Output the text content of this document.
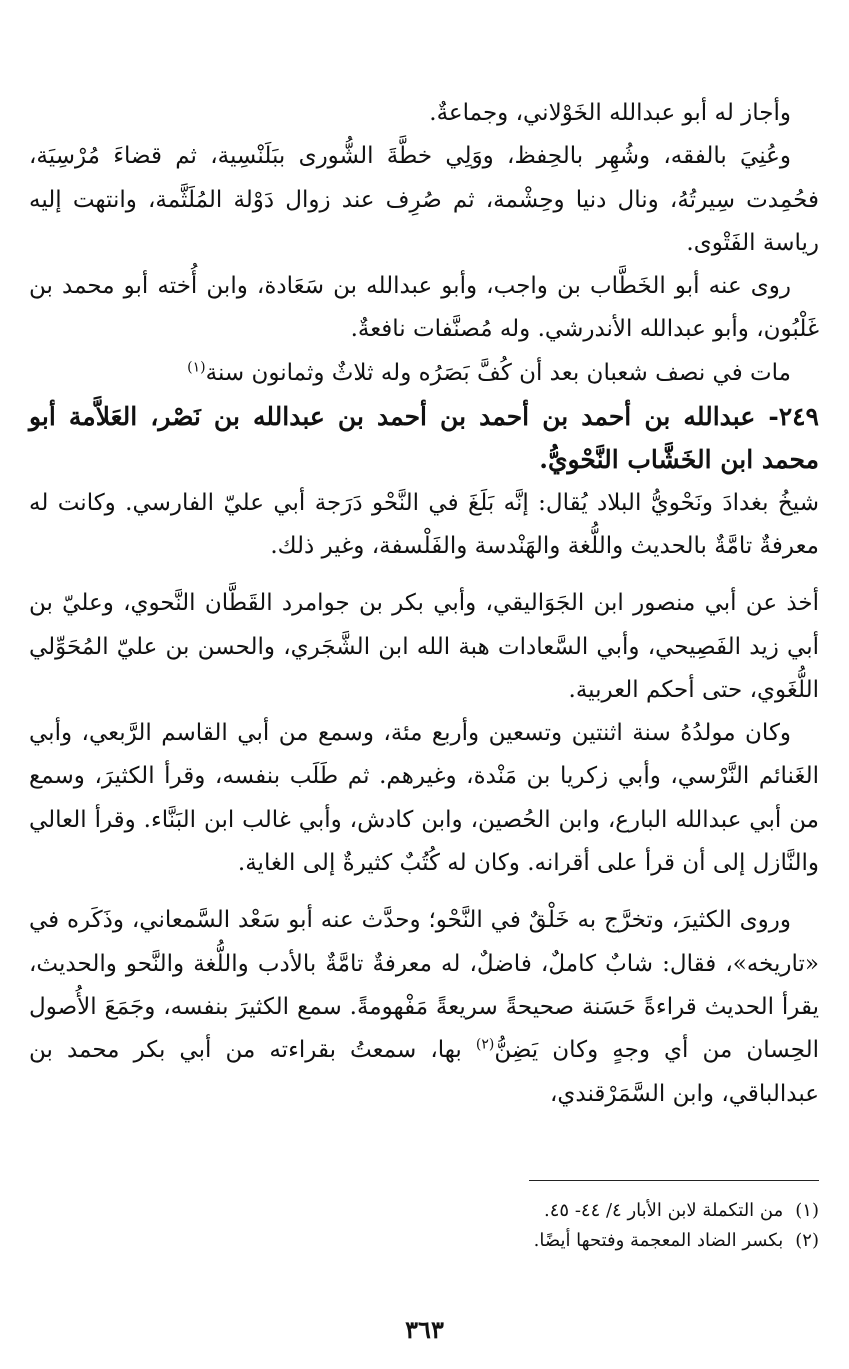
وأجاز له أبو عبدالله الخَوْلاني، وجماعةٌ.

وعُنِيَ بالفقه، وشُهِر بالحِفظ، ووَلِي خطَّةَ الشُّورى ببَلَنْسِية، ثم قضاءَ مُرْسِيَة، فحُمِدت سِيرتُهُ، ونال دنيا وحِشْمة، ثم صُرِف عند زوال دَوْلة المُلَثَّمة، وانتهت إليه رياسة الفَتْوى.

روى عنه أبو الخَطَّاب بن واجب، وأبو عبدالله بن سَعَادة، وابن أُخته أبو محمد بن غَلْبُون، وأبو عبدالله الأندرشي. وله مُصنَّفات نافعةٌ.

مات في نصف شعبان بعد أن كُفَّ بَصَرُه وله ثلاثٌ وثمانون سنة$^{(١)}$

٢٤٩- عبدالله بن أحمد بن أحمد بن أحمد بن عبدالله بن نَصْر، العَلاَّمة أبو محمد ابن الخَشَّاب النَّحْويُّ.

شيخُ بغدادَ ونَحْويُّ البلاد يُقال: إنَّه بَلَغَ في النَّحْو دَرَجة أبي عليّ الفارسي. وكانت له معرفةٌ تامَّةٌ بالحديث واللُّغة والهَنْدسة والفَلْسفة، وغير ذلك.

أخذ عن أبي منصور ابن الجَوَاليقي، وأبي بكر بن جوامرد القَطَّان النَّحوي، وعليّ بن أبي زيد الفَصِيحي، وأبي السَّعادات هبة الله ابن الشَّجَري، والحسن بن عليّ المُحَوِّلي اللُّغَوي، حتى أحكم العربية.

وكان مولدُهُ سنة اثنتين وتسعين وأربع مئة، وسمع من أبي القاسم الرَّبعي، وأبي الغَنائم النَّرْسي، وأبي زكريا بن مَنْدة، وغيرهم. ثم طَلَب بنفسه، وقرأ الكثيرَ، وسمع من أبي عبدالله البارع، وابن الحُصين، وابن كادش، وأبي غالب ابن البَنَّاء. وقرأ العالي والنَّازل إلى أن قرأ على أقرانه. وكان له كُتُبٌ كثيرةٌ إلى الغاية.

وروى الكثيرَ، وتخرَّج به خَلْقٌ في النَّحْو؛ وحدَّث عنه أبو سَعْد السَّمعاني، وذَكَره في «تاريخه»، فقال: شابٌ كاملٌ، فاضلٌ، له معرفةٌ تامَّةٌ بالأدب واللُّغة والنَّحو والحديث، يقرأ الحديث قراءةً حَسَنة صحيحةً سريعةً مَفْهومةً. سمع الكثيرَ بنفسه، وجَمَعَ الأُصول الحِسان من أي وجهٍ وكان يَضِنُّ$^{(٢)}$ بها، سمعتُ بقراءته من أبي بكر محمد بن عبدالباقي، وابن السَّمَرْقندي،

(١)
من التكملة لابن الأبار ٤/ ٤٤- ٤٥.

(٢)
بكسر الضاد المعجمة وفتحها أيضًا.

٣٦٣
